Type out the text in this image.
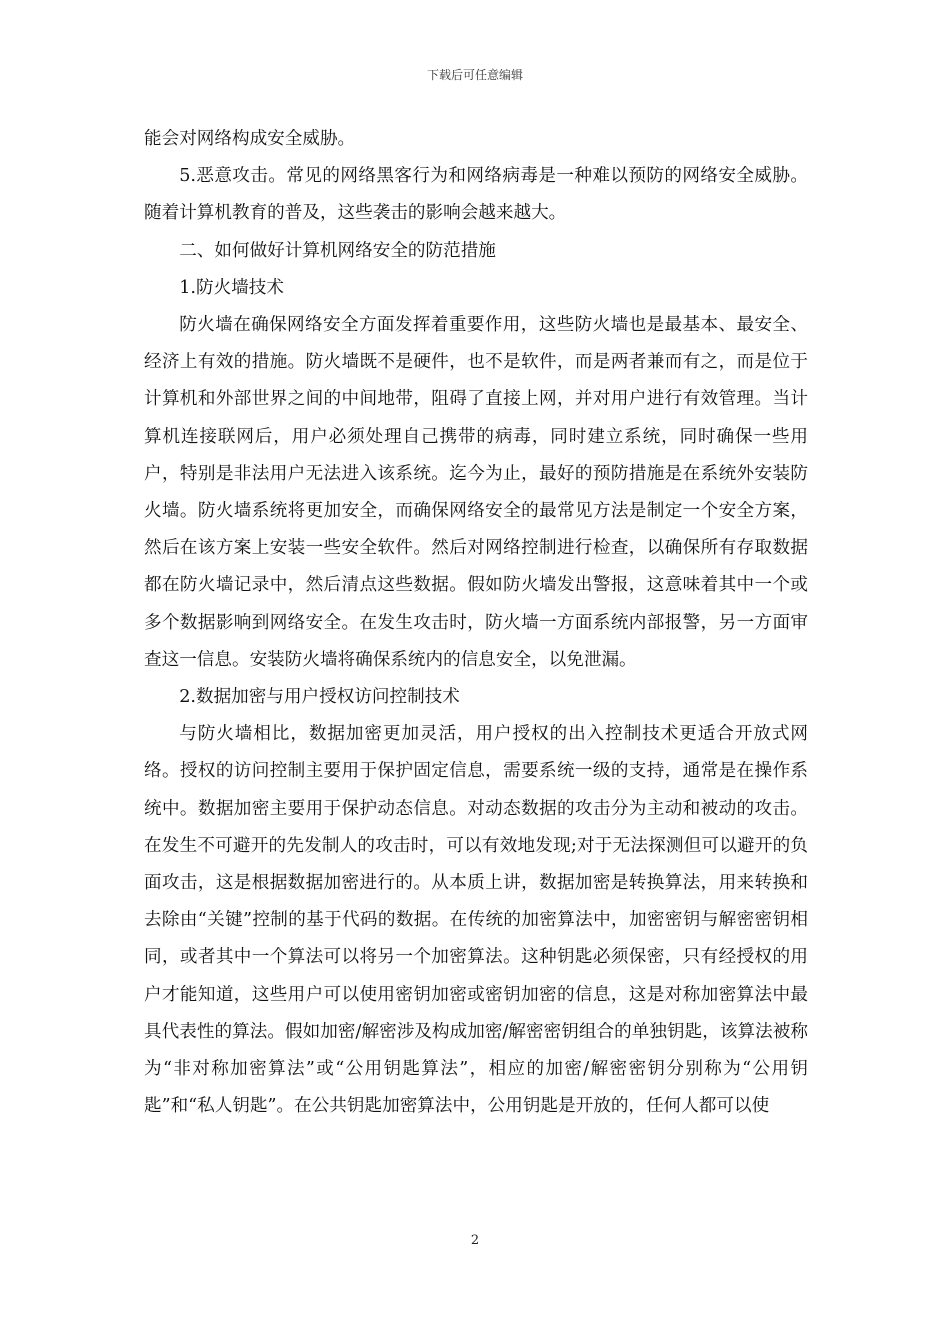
下载后可任意编辑

能会对网络构成安全威胁。

5.恶意攻击。常见的网络黑客行为和网络病毒是一种难以预防的网络安全威胁。随着计算机教育的普及，这些袭击的影响会越来越大。

二、如何做好计算机网络安全的防范措施

1.防火墙技术

防火墙在确保网络安全方面发挥着重要作用，这些防火墙也是最基本、最安全、经济上有效的措施。防火墙既不是硬件，也不是软件，而是两者兼而有之，而是位于计算机和外部世界之间的中间地带，阻碍了直接上网，并对用户进行有效管理。当计算机连接联网后，用户必须处理自己携带的病毒，同时建立系统，同时确保一些用户，特别是非法用户无法进入该系统。迄今为止，最好的预防措施是在系统外安装防火墙。防火墙系统将更加安全，而确保网络安全的最常见方法是制定一个安全方案，然后在该方案上安装一些安全软件。然后对网络控制进行检查，以确保所有存取数据都在防火墙记录中，然后清点这些数据。假如防火墙发出警报，这意味着其中一个或多个数据影响到网络安全。在发生攻击时，防火墙一方面系统内部报警，另一方面审查这一信息。安装防火墙将确保系统内的信息安全，以免泄漏。

2.数据加密与用户授权访问控制技术

与防火墙相比，数据加密更加灵活，用户授权的出入控制技术更适合开放式网络。授权的访问控制主要用于保护固定信息，需要系统一级的支持，通常是在操作系统中。数据加密主要用于保护动态信息。对动态数据的攻击分为主动和被动的攻击。在发生不可避开的先发制人的攻击时，可以有效地发现;对于无法探测但可以避开的负面攻击，这是根据数据加密进行的。从本质上讲，数据加密是转换算法，用来转换和去除由“关键”控制的基于代码的数据。在传统的加密算法中，加密密钥与解密密钥相同，或者其中一个算法可以将另一个加密算法。这种钥匙必须保密，只有经授权的用户才能知道，这些用户可以使用密钥加密或密钥加密的信息，这是对称加密算法中最具代表性的算法。假如加密/解密涉及构成加密/解密密钥组合的单独钥匙，该算法被称为“非对称加密算法”或“公用钥匙算法”，相应的加密/解密密钥分别称为“公用钥匙”和“私人钥匙”。在公共钥匙加密算法中，公用钥匙是开放的，任何人都可以使

2
